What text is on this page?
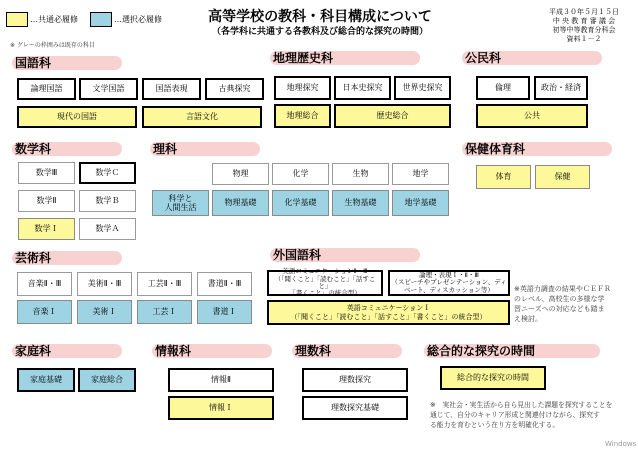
…共通必履修	…選択必履修
※ グレーの枠囲みは既存の科目
高等学校の教科・科目構成について
（各学科に共通する各教科及び総合的な探究の時間）
平成３０年５月１５日
中 央 教 育 審 議 会
初等中等教育分科会
資料１－２
国語科
論理国語	文学国語	国語表現	古典探究
現代の国語	言語文化
地理歴史科
地理探究	日本史探究	世界史探究
地理総合	歴史総合
公民科
倫理	政治・経済
公共
数学科
数学Ⅲ	数学Ｃ
数学Ⅱ	数学Ｂ
数学Ｉ	数学Ａ
理科
物理	化学	生物	地学
科学と
人間生活
物理基礎	化学基礎	生物基礎	地学基礎
保健体育科
体育	保健
芸術科
音楽Ⅱ・Ⅲ	美術Ⅱ・Ⅲ	工芸Ⅱ・Ⅲ	書道Ⅱ・Ⅲ
音楽Ｉ	美術Ｉ	工芸Ｉ	書道Ｉ
外国語科
英語コミュニケーションⅡ・Ⅲ
（「聞くこと」「読むこと」「話すこと」
「書くこと」の統合型）
論理・表現Ｉ・Ⅱ・Ⅲ
（スピーチやプレゼンテーション、ディ
ベート、ディスカッション等）
英語コミュニケーションＩ
（「聞くこと」「読むこと」「話すこと」「書くこと」の統合型）
※英語力調査の結果やＣＥＦＲ
のレベル、高校生の多様な学
習ニーズへの対応なども踏ま
え検討。
家庭科
家庭基礎	家庭総合
情報科
情報Ⅱ
情報Ｉ
理数科
理数探究
理数探究基礎
総合的な探究の時間
総合的な探究の時間
※　実社会・実生活から自ら見出した課題を探究することを
通じて、自分のキャリア形成と関連付けながら、探究す
る能力を育むという在り方を明確化する。
Windows
